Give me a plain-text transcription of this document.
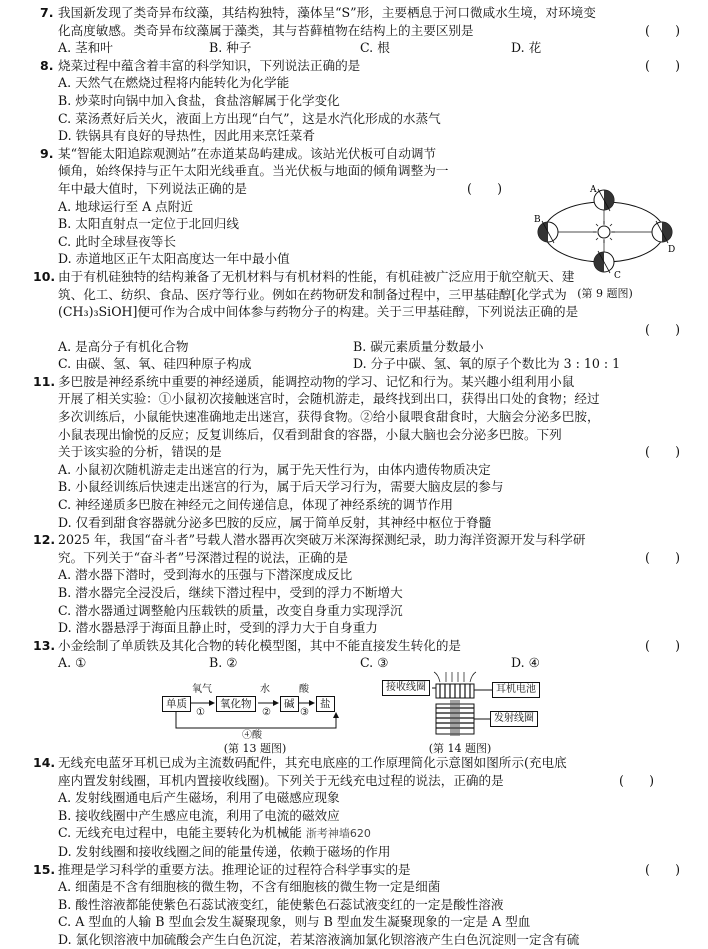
7. 我国新发现了类奇异布纹藻，其结构独特，藻体呈“S”形，主要栖息于河口微咸水生境，对环境变
化高度敏感。类奇异布纹藻属于藻类，其与苔藓植物在结构上的主要区别是	(　　)
A. 茎和叶	B. 种子	C. 根	D. 花
8. 烧菜过程中蕴含着丰富的科学知识，下列说法正确的是	(　　)
A. 天然气在燃烧过程将内能转化为化学能
B. 炒菜时向锅中加入食盐，食盐溶解属于化学变化
C. 菜汤煮好后关火，液面上方出现“白气”，这是水汽化形成的水蒸气
D. 铁锅具有良好的导热性，因此用来烹饪菜肴
9. 某“智能太阳追踪观测站”在赤道某岛屿建成。该站光伏板可自动调节
倾角，始终保持与正午太阳光线垂直。当光伏板与地面的倾角调整为一
年中最大值时，下列说法正确的是	(　　)
A. 地球运行至 A 点附近
B. 太阳直射点一定位于北回归线
C. 此时全球昼夜等长
D. 赤道地区正午太阳高度达一年中最小值
A
B
C
D
(第 9 题图)
10. 由于有机硅独特的结构兼备了无机材料与有机材料的性能，有机硅被广泛应用于航空航天、建
筑、化工、纺织、食品、医疗等行业。例如在药物研发和制备过程中，三甲基硅醇[化学式为
(CH₃)₃SiOH]便可作为合成中间体参与药物分子的构建。关于三甲基硅醇，下列说法正确的是
(　　)
A. 是高分子有机化合物	B. 碳元素质量分数最小
C. 由碳、氢、氧、硅四种原子构成	D. 分子中碳、氢、氧的原子个数比为 3 : 10 : 1
11. 多巴胺是神经系统中重要的神经递质，能调控动物的学习、记忆和行为。某兴趣小组利用小鼠
开展了相关实验：①小鼠初次接触迷宫时，会随机游走，最终找到出口，获得出口处的食物；经过
多次训练后，小鼠能快速准确地走出迷宫，获得食物。②给小鼠喂食甜食时，大脑会分泌多巴胺，
小鼠表现出愉悦的反应；反复训练后，仅看到甜食的容器，小鼠大脑也会分泌多巴胺。下列
关于该实验的分析，错误的是	(　　)
A. 小鼠初次随机游走走出迷宫的行为，属于先天性行为，由体内遗传物质决定
B. 小鼠经训练后快速走出迷宫的行为，属于后天学习行为，需要大脑皮层的参与
C. 神经递质多巴胺在神经元之间传递信息，体现了神经系统的调节作用
D. 仅看到甜食容器就分泌多巴胺的反应，属于简单反射，其神经中枢位于脊髓
12. 2025 年，我国“奋斗者”号载人潜水器再次突破万米深海探测纪录，助力海洋资源开发与科学研
究。下列关于“奋斗者”号深潜过程的说法，正确的是	(　　)
A. 潜水器下潜时，受到海水的压强与下潜深度成反比
B. 潜水器完全浸没后，继续下潜过程中，受到的浮力不断增大
C. 潜水器通过调整舱内压载铁的质量，改变自身重力实现浮沉
D. 潜水器悬浮于海面且静止时，受到的浮力大于自身重力
13. 小金绘制了单质铁及其化合物的转化模型图，其中不能直接发生转化的是	(　　)
A. ①	B. ②	C. ③	D. ④
单质	氧化物	碱	盐
氧气
①
水
②
酸
③
④酸
(第 13 题图)
接收线圈	耳机电池
发射线圈
(第 14 题图)
14. 无线充电蓝牙耳机已成为主流数码配件，其充电底座的工作原理简化示意图如图所示(充电底
座内置发射线圈，耳机内置接收线圈)。下列关于无线充电过程的说法，正确的是	(　　)
A. 发射线圈通电后产生磁场，利用了电磁感应现象
B. 接收线圈中产生感应电流，利用了电流的磁效应
C. 无线充电过程中，电能主要转化为机械能 浙考神墙620
D. 发射线圈和接收线圈之间的能量传递，依赖于磁场的作用
15. 推理是学习科学的重要方法。推理论证的过程符合科学事实的是	(　　)
A. 细菌是不含有细胞核的微生物，不含有细胞核的微生物一定是细菌
B. 酸性溶液都能使紫色石蕊试液变红，能使紫色石蕊试液变红的一定是酸性溶液
C. A 型血的人输 B 型血会发生凝聚现象，则与 B 型血发生凝聚现象的一定是 A 型血
D. 氯化钡溶液中加硫酸会产生白色沉淀，若某溶液滴加氯化钡溶液产生白色沉淀则一定含有硫
